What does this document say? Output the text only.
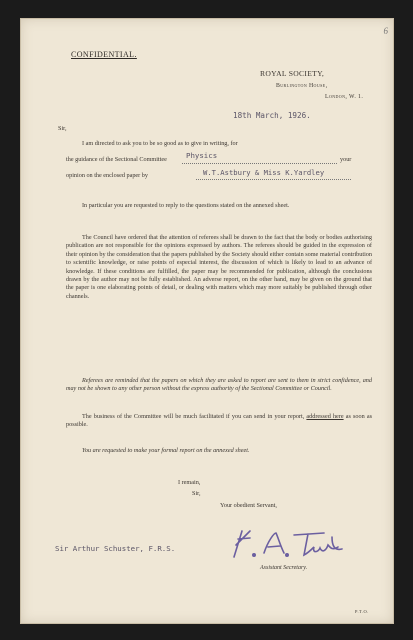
6
CONFIDENTIAL.
ROYAL SOCIETY,
Burlington House,
London, W. 1.
18th March, 1926.
Sir,
I am directed to ask you to be so good as to give in writing, for
the guidance of the Sectional Committee	Physics	your
opinion on the enclosed paper by	W.T.Astbury & Miss K.Yardley
In particular you are requested to reply to the questions stated on the annexed sheet.
The Council have ordered that the attention of referees shall be drawn to the fact that the body or bodies authorising publication are not responsible for the opinions expressed by authors. The referees should be guided in the expression of their opinion by the consideration that the papers published by the Society should either contain some material contribution to scientific knowledge, or raise points of especial interest, the discussion of which is likely to lead to an advance of knowledge. If these conditions are fulfilled, the paper may be recommended for publication, although the conclusions drawn by the author may not be fully established. An adverse report, on the other hand, may be given on the ground that the paper is one elaborating points of detail, or dealing with matters which may more suitably be published through other channels.
Referees are reminded that the papers on which they are asked to report are sent to them in strict confidence, and may not be shown to any other person without the express authority of the Sectional Committee or Council.
The business of the Committee will be much facilitated if you can send in your report, addressed here as soon as possible.
You are requested to make your formal report on the annexed sheet.
I remain,
Sir,
Your obedient Servant,
Sir Arthur Schuster, F.R.S.
Assistant Secretary.
P.T.O.
